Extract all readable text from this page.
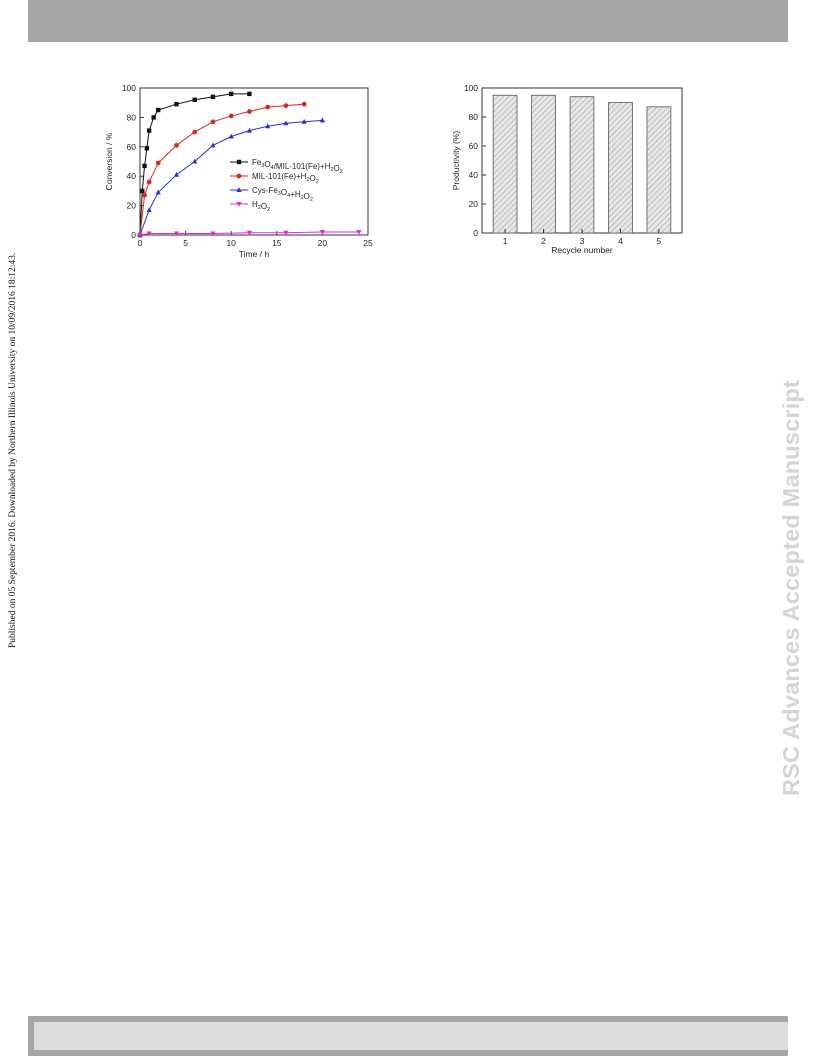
Published on 05 September 2016. Downloaded by Northern Illinois University on 10/09/2016 18:12:43.	RSC Advances Accepted Manuscript
0	5	10	15	20	25
0
20
40
60
80
100
Time / h
Conversion / %	$Fe_3O_4/MIL-101(Fe)+H_2O_2$
MIL-$101(Fe)+H_2O_2$
Cys-$Fe_3O_4+H_2O_2$
$H_2O_2$
0
20
40
60
80
100
1	2	3	4	5
Recycle number
Productivity (%)
